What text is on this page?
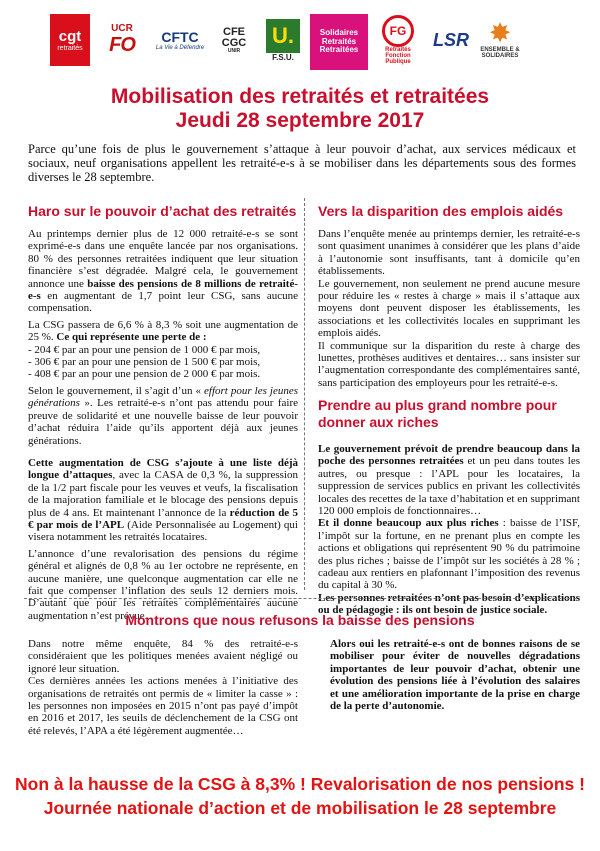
cgt
retraités
UCR
FO CFTC
La Vie à Défendre
CFE
CGC
UNIR
U.
F.S.U.
Solidaires
Retraités
Retraitées
FG
Retraités Fonction Publique
LSR ✸
ENSEMBLE & SOLIDAIRES
Mobilisation des retraités et retraitées
Jeudi 28 septembre 2017

Parce qu’une fois de plus le gouvernement s’attaque à leur pouvoir d’achat, aux services médicaux et sociaux, neuf organisations appellent les retraité-e-s à se mobiliser dans les départements sous des formes diverses le 28 septembre.

Haro sur le pouvoir d’achat des retraités

Au printemps dernier plus de 12 000 retraité-e-s se sont exprimé-e-s dans une enquête lancée par nos organisations. 80 % des personnes retraitées indiquent que leur situation financière s’est dégradée. Malgré cela, le gouvernement annonce une baisse des pensions de 8 millions de retraité-e-s en augmentant de 1,7 point leur CSG, sans aucune compensation.

La CSG passera de 6,6 % à 8,3 % soit une augmentation de 25 %. Ce qui représente une perte de :

- 204 € par an pour une pension de 1 000 € par mois,
- 306 € par an pour une pension de 1 500 € par mois,
- 408 € par an pour une pension de 2 000 € par mois.

Selon le gouvernement, il s’agit d’un « effort pour les jeunes générations ». Les retraité-e-s n’ont pas attendu pour faire preuve de solidarité et une nouvelle baisse de leur pouvoir d’achat réduira l’aide qu’ils apportent déjà aux jeunes générations.

Cette augmentation de CSG s’ajoute à une liste déjà longue d’attaques, avec la CASA de 0,3 %, la suppression de la 1/2 part fiscale pour les veuves et veufs, la fiscalisation de la majoration familiale et le blocage des pensions depuis plus de 4 ans. Et maintenant l’annonce de la réduction de 5 € par mois de l’APL (Aide Personnalisée au Logement) qui visera notamment les retraités locataires.

L’annonce d’une revalorisation des pensions du régime général et alignés de 0,8 % au 1er octobre ne représente, en aucune manière, une quelconque augmentation car elle ne fait que compenser l’inflation des seuls 12 derniers mois. D’autant que pour les retraites complémentaires aucune augmentation n’est prévue.

Vers la disparition des emplois aidés

Dans l’enquête menée au printemps dernier, les retraité-e-s sont quasiment unanimes à considérer que les plans d’aide à l’autonomie sont insuffisants, tant à domicile qu’en établissements.

Le gouvernement, non seulement ne prend aucune mesure pour réduire les « restes à charge » mais il s’attaque aux moyens dont peuvent disposer les établissements, les associations et les collectivités locales en supprimant les emplois aidés.

Il communique sur la disparition du reste à charge des lunettes, prothèses auditives et dentaires… sans insister sur l’augmentation correspondante des complémentaires santé, sans participation des employeurs pour les retraité-e-s.

Prendre au plus grand nombre pour donner aux riches

Le gouvernement prévoit de prendre beaucoup dans la poche des personnes retraitées et un peu dans toutes les autres, ou presque : l’APL pour les locataires, la suppression de services publics en privant les collectivités locales des recettes de la taxe d’habitation et en supprimant 120 000 emplois de fonctionnaires…

Et il donne beaucoup aux plus riches : baisse de l’ISF, l’impôt sur la fortune, en ne prenant plus en compte les actions et obligations qui représentent 90 % du patrimoine des plus riches ; baisse de l’impôt sur les sociétés à 28 % ; cadeau aux rentiers en plafonnant l’imposition des revenus du capital à 30 %.

Les personnes retraitées n’ont pas besoin d’explications ou de pédagogie : ils ont besoin de justice sociale.

Montrons que nous refusons la baisse des pensions

Dans notre même enquête, 84 % des retraité-e-s considéraient que les politiques menées avaient négligé ou ignoré leur situation.

Ces dernières années les actions menées à l’initiative des organisations de retraités ont permis de « limiter la casse » : les personnes non imposées en 2015 n’ont pas payé d’impôt en 2016 et 2017, les seuils de déclenchement de la CSG ont été relevés, l’APA a été légèrement augmentée…

Alors oui les retraité-e-s ont de bonnes raisons de se mobiliser pour éviter de nouvelles dégradations importantes de leur pouvoir d’achat, obtenir une évolution des pensions liée à l’évolution des salaires et une amélioration importante de la prise en charge de la perte d’autonomie.

Non à la hausse de la CSG à 8,3% ! Revalorisation de nos pensions !
Journée nationale d’action et de mobilisation le 28 septembre
